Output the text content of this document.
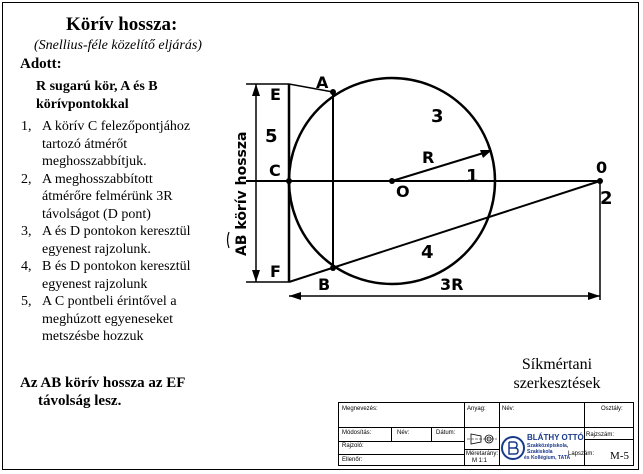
Körív hossza:
(Snellius-féle közelítő eljárás)
Adott:
R sugarú kör, A és B
körívpontokkal
1, A körív C felezőpontjához
tartozó átmérőt
meghosszabbítjuk.
2, A meghosszabbított
átmérőre felmérünk 3R
távolságot (D pont)
3, A és D pontokon keresztül
egyenest rajzolunk.
4, B és D pontokon keresztül
egyenest rajzolunk
5, A C pontbeli érintővel a
meghúzott egyeneseket
metszésbe hozzuk
Az AB körív hossza az EF
távolság lesz.
E
A
C
F
B
O
0
R
3R
1
2
3
4
5
AB körív hossza
Síkmértani
szerkesztések
Megnevezés:	Anyag:	Név:	Osztály:
Módosítás:	Név:	Dátum:
Rajzoló:
Ellenőr:
Méretarány:
M 1:1
Rajzszám:
Lapszám:
BLÁTHY OTTÓ
Szakközépiskola,
Szakiskola
és Kollégium, TATA	M-5
